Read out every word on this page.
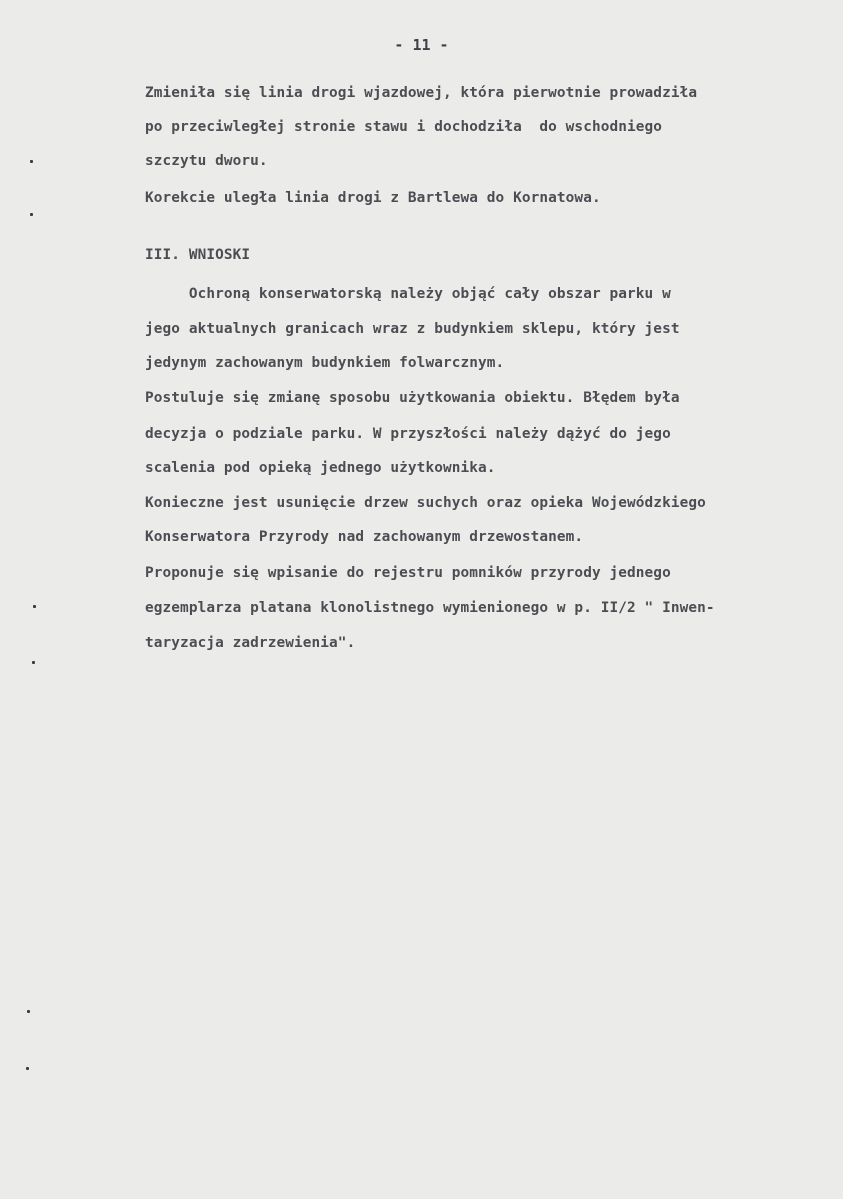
- 11 -
Zmieniła się linia drogi wjazdowej, która pierwotnie prowadziła
po przeciwległej stronie stawu i dochodziła  do wschodniego
szczytu dworu.
Korekcie uległa linia drogi z Bartlewa do Kornatowa.
III. WNIOSKI
Ochroną konserwatorską należy objąć cały obszar parku w
jego aktualnych granicach wraz z budynkiem sklepu, który jest
jedynym zachowanym budynkiem folwarcznym.
Postuluje się zmianę sposobu użytkowania obiektu. Błędem była
decyzja o podziale parku. W przyszłości należy dążyć do jego
scalenia pod opieką jednego użytkownika.
Konieczne jest usunięcie drzew suchych oraz opieka Wojewódzkiego
Konserwatora Przyrody nad zachowanym drzewostanem.
Proponuje się wpisanie do rejestru pomników przyrody jednego
egzemplarza platana klonolistnego wymienionego w p. II/2 " Inwen-
taryzacja zadrzewienia".
